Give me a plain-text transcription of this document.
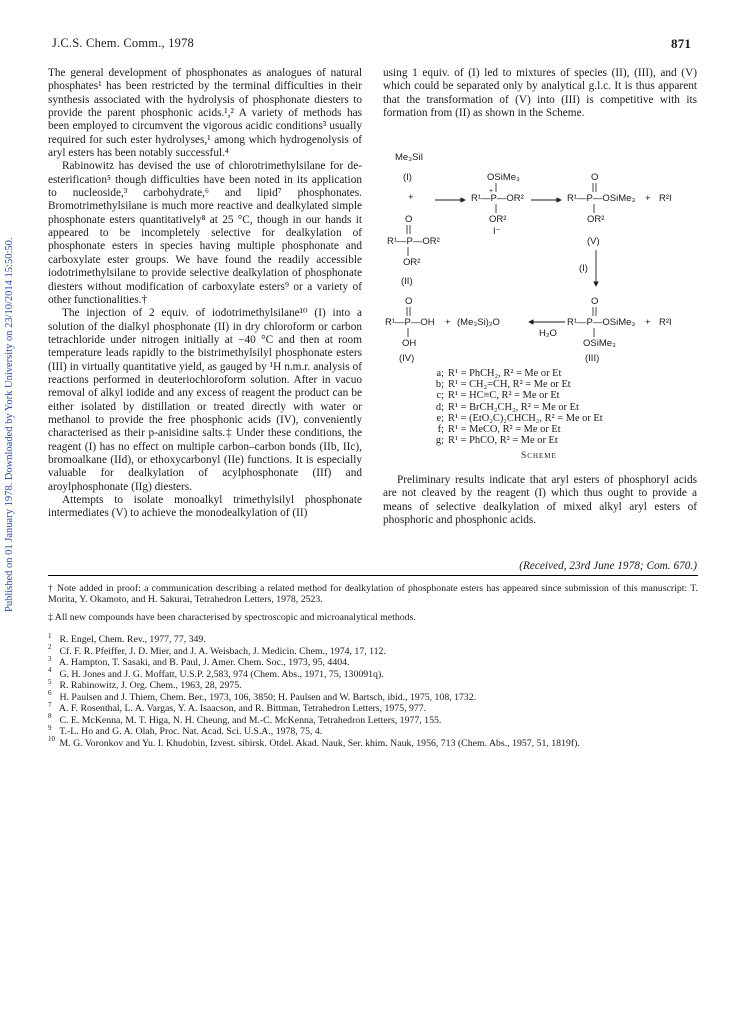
J.C.S. Chem. Comm., 1978	871
Published on 01 January 1978. Downloaded by York University on 23/10/2014 15:50:50.

The general development of phosphonates as analogues of natural phosphates¹ has been restricted by the terminal difficulties in their synthesis associated with the hydrolysis of phosphonate diesters to provide the parent phosphonic acids.¹,² A variety of methods has been employed to circumvent the vigorous acidic conditions³ usually required for such ester hydrolyses,¹ among which hydrogenolysis of aryl esters has been notably successful.⁴

Rabinowitz has devised the use of chlorotrimethylsilane for de-esterification⁵ though difficulties have been noted in its application to nucleoside,³ carbohydrate,⁶ and lipid⁷ phosphonates. Bromotrimethylsilane is much more reactive and dealkylated simple phosphonate esters quantitatively⁸ at 25 °C, though in our hands it appeared to be incompletely selective for dealkylation of phosphonate esters in species having multiple phosphonate and carboxylate ester groups. We have found the readily accessible iodotrimethylsilane to provide selective dealkylation of phosphonate diesters without modification of carboxylate esters⁹ or a variety of other functionalities.†

The injection of 2 equiv. of iodotrimethylsilane¹⁰ (I) into a solution of the dialkyl phosphonate (II) in dry chloroform or carbon tetrachloride under nitrogen initially at −40 °C and then at room temperature leads rapidly to the bistrimethylsilyl phosphonate esters (III) in virtually quantitative yield, as gauged by ¹H n.m.r. analysis of reactions performed in deuteriochloroform solution. After in vacuo removal of alkyl iodide and any excess of reagent the product can be either isolated by distillation or treated directly with water or methanol to provide the free phosphonic acids (IV), conveniently characterised as their p-anisidine salts.‡ Under these conditions, the reagent (I) has no effect on multiple carbon–carbon bonds (IIb, IIc), bromoalkane (IId), or ethoxycarbonyl (IIe) functions. It is especially valuable for dealkylation of acylphosphonate (IIf) and aroylphosphonate (IIg) diesters.

Attempts to isolate monoalkyl trimethylsilyl phosphonate intermediates (V) to achieve the monodealkylation of (II)

using 1 equiv. of (I) led to mixtures of species (II), (III), and (V) which could be separated only by analytical g.l.c. It is thus apparent that the transformation of (V) into (III) is competitive with its formation from (II) as shown in the Scheme.

Me₃SiI
(I)
+
O
R¹—P—OR²
OR²
(II)
OSiMe₃
R¹—P—OR²
+
OR²
I⁻
O
R¹—P—OSiMe₃ + R²I
OR²
(V)
(I)
O
R¹—P—OSiMe₃ + R²I
OSiMe₃
(III)
H₂O
O
R¹—P—OH + (Me₃Si)₂O
OH
(IV)
a; R¹ = PhCH₂, R² = Me or Et
b; R¹ = CH₂=CH, R² = Me or Et
c; R¹ = HC≡C, R² = Me or Et
d; R¹ = BrCH₂CH₂, R² = Me or Et
e; R¹ = (EtO₂C)₂CHCH₂, R² = Me or Et
f; R¹ = MeCO, R² = Me or Et
g; R¹ = PhCO, R² = Me or Et
Scheme

Preliminary results indicate that aryl esters of phosphoryl acids are not cleaved by the reagent (I) which thus ought to provide a means of selective dealkylation of mixed alkyl aryl esters of phosphoric and phosphonic acids.

(Received, 23rd June 1978; Com. 670.)
† Note added in proof: a communication describing a related method for dealkylation of phosphonate esters has appeared since submission of this manuscript: T. Morita, Y. Okamoto, and H. Sakurai, Tetrahedron Letters, 1978, 2523.
‡ All new compounds have been characterised by spectroscopic and microanalytical methods.
1 R. Engel, Chem. Rev., 1977, 77, 349.
2 Cf. F. R. Pfeiffer, J. D. Mier, and J. A. Weisbach, J. Medicin. Chem., 1974, 17, 112.
3 A. Hampton, T. Sasaki, and B. Paul, J. Amer. Chem. Soc., 1973, 95, 4404.
4 G. H. Jones and J. G. Moffatt, U.S.P. 2,583, 974 (Chem. Abs., 1971, 75, 130091q).
5 R. Rabinowitz, J. Org. Chem., 1963, 28, 2975.
6 H. Paulsen and J. Thiem, Chem. Ber., 1973, 106, 3850; H. Paulsen and W. Bartsch, ibid., 1975, 108, 1732.
7 A. F. Rosenthal, L. A. Vargas, Y. A. Isaacson, and R. Bittman, Tetrahedron Letters, 1975, 977.
8 C. E. McKenna, M. T. Higa, N. H. Cheung, and M.-C. McKenna, Tetrahedron Letters, 1977, 155.
9 T.-L. Ho and G. A. Olah, Proc. Nat. Acad. Sci. U.S.A., 1978, 75, 4.
10 M. G. Voronkov and Yu. I. Khudobin, Izvest. sibirsk. Otdel. Akad. Nauk, Ser. khim. Nauk, 1956, 713 (Chem. Abs., 1957, 51, 1819f).
